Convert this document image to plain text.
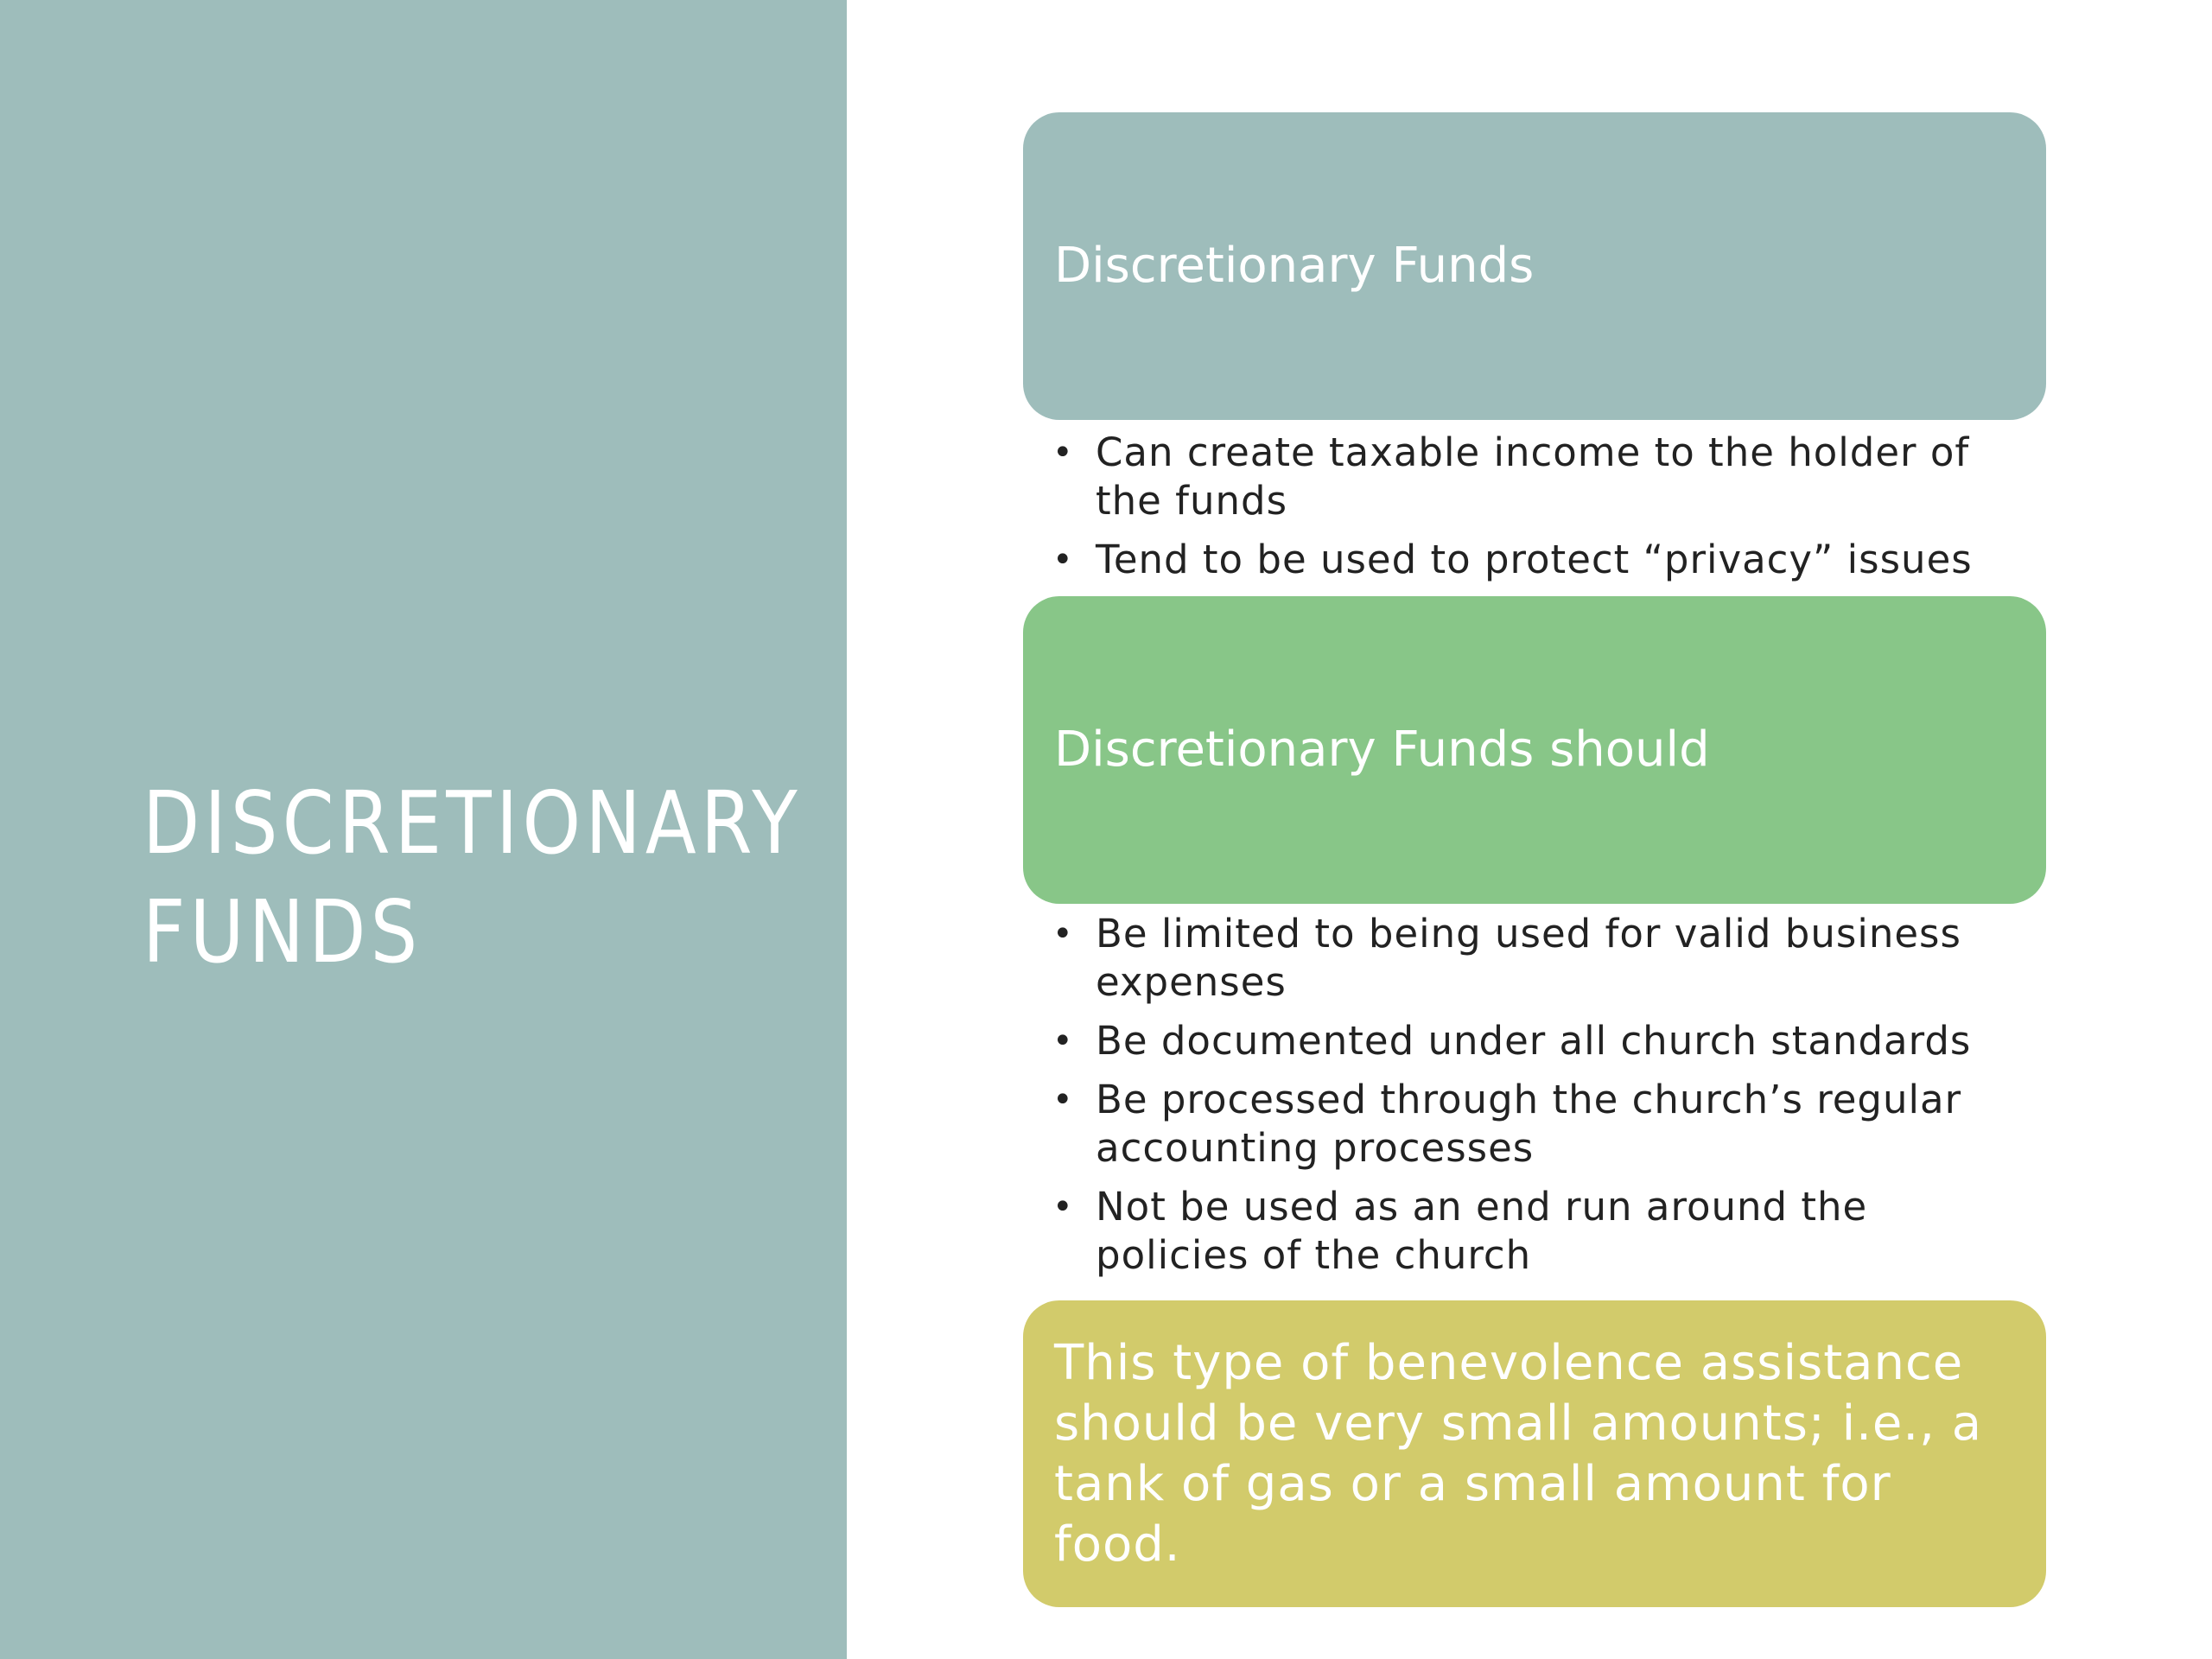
DISCRETIONARY
FUNDS
Discretionary Funds
• Can create taxable income to the holder of the funds
• Tend to be used to protect “privacy” issues
Discretionary Funds should
• Be limited to being used for valid business expenses
• Be documented under all church standards
• Be processed through the church’s regular accounting processes
• Not be used as an end run around the policies of the church
This type of benevolence assistance should be very small amounts; i.e., a tank of gas or a small amount for food.
